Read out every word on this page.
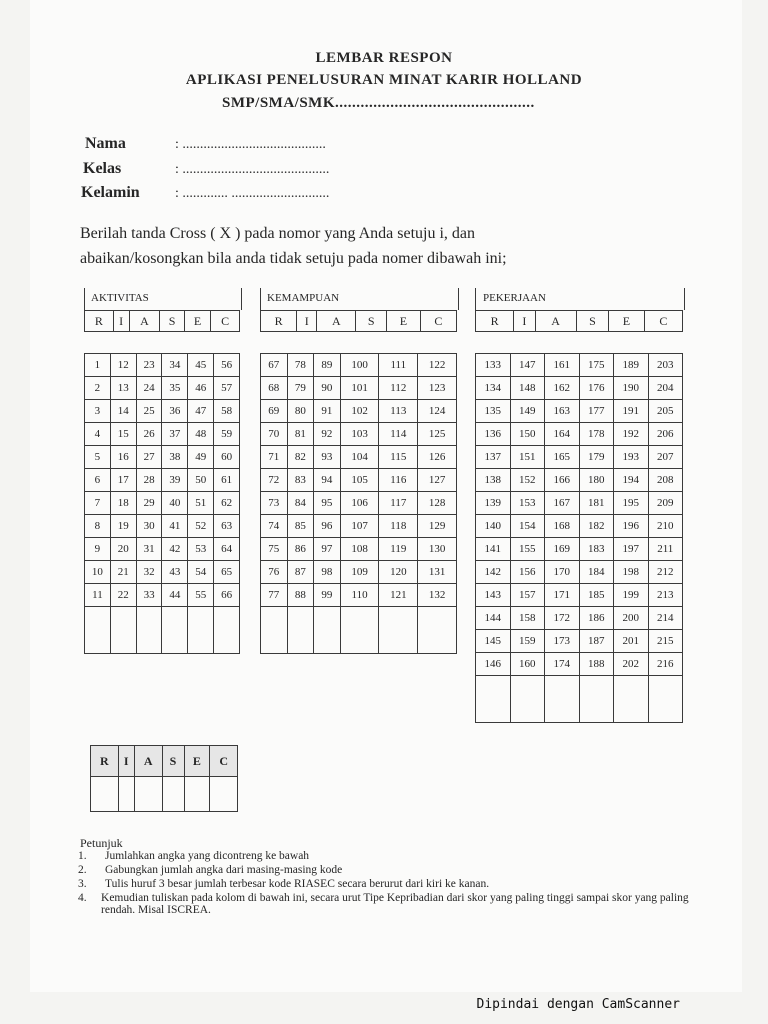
LEMBAR RESPON
APLIKASI PENELUSURAN MINAT KARIR HOLLAND
SMP/SMA/SMK...............................................
Nama	: .........................................
Kelas	: ..........................................
Kelamin	: ............. ............................
Berilah tanda Cross ( X ) pada nomor yang Anda setuju i, dan
abaikan/kosongkan bila anda tidak setuju pada nomer dibawah ini;
AKTIVITAS
R	I	A	S	E	C
1	12	23	34	45	56
2	13	24	35	46	57
3	14	25	36	47	58
4	15	26	37	48	59
5	16	27	38	49	60
6	17	28	39	50	61
7	18	29	40	51	62
8	19	30	41	52	63
9	20	31	42	53	64
10	21	32	43	54	65
11	22	33	44	55	66

KEMAMPUAN
R	I	A	S	E	C
67	78	89	100	111	122
68	79	90	101	112	123
69	80	91	102	113	124
70	81	92	103	114	125
71	82	93	104	115	126
72	83	94	105	116	127
73	84	95	106	117	128
74	85	96	107	118	129
75	86	97	108	119	130
76	87	98	109	120	131
77	88	99	110	121	132

PEKERJAAN
R	I	A	S	E	C
133	147	161	175	189	203
134	148	162	176	190	204
135	149	163	177	191	205
136	150	164	178	192	206
137	151	165	179	193	207
138	152	166	180	194	208
139	153	167	181	195	209
140	154	168	182	196	210
141	155	169	183	197	211
142	156	170	184	198	212
143	157	171	185	199	213
144	158	172	186	200	214
145	159	173	187	201	215
146	160	174	188	202	216

R	I	A	S	E	C

Petunjuk
1.	Jumlahkan angka yang dicontreng ke bawah
2.	Gabungkan jumlah angka dari masing-masing kode
3.	Tulis huruf 3 besar jumlah terbesar kode RIASEC secara berurut dari kiri ke kanan.
4.	Kemudian tuliskan pada kolom di bawah ini, secara urut Tipe Kepribadian dari skor yang paling tinggi sampai skor yang paling rendah. Misal ISCREA.
Dipindai dengan CamScanner
